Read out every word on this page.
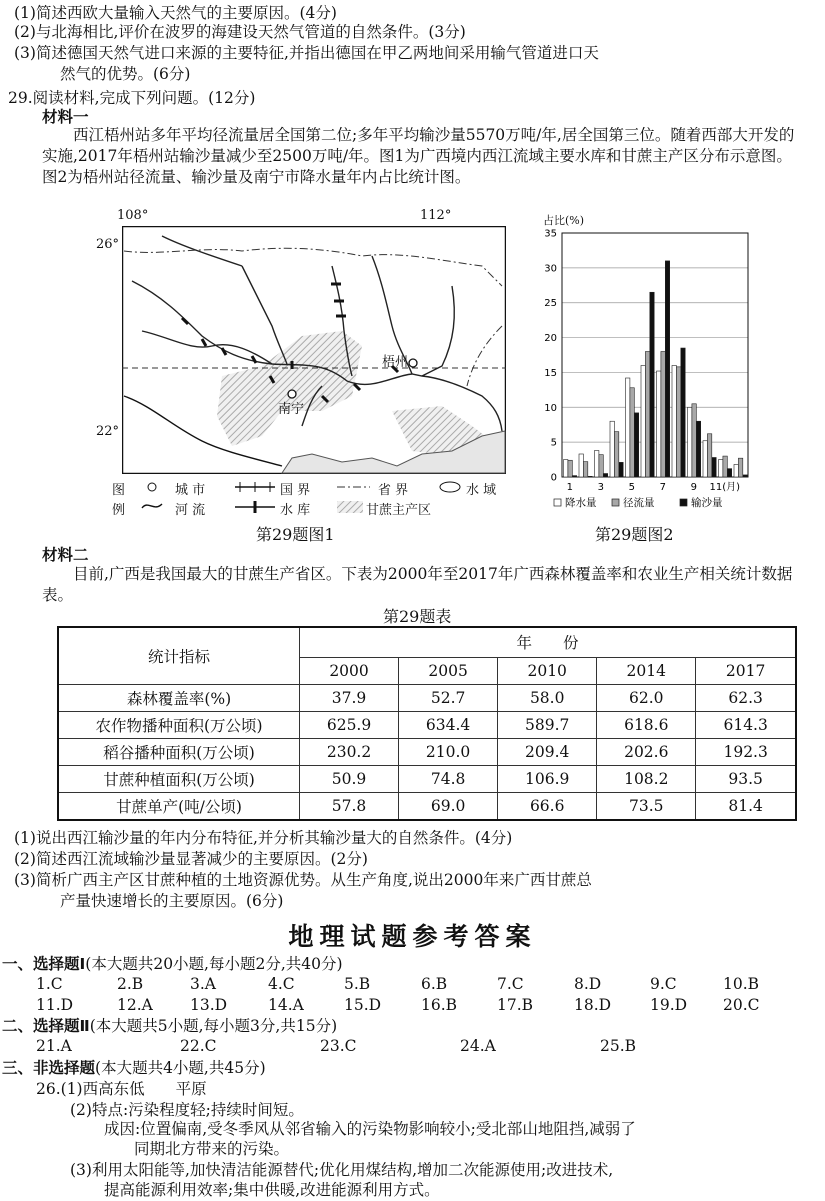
(1)简述西欧大量输入天然气的主要原因。(4分)
(2)与北海相比,评价在波罗的海建设天然气管道的自然条件。(3分)
(3)简述德国天然气进口来源的主要特征,并指出德国在甲乙两地间采用输气管道进口天
然气的优势。(6分)
29.阅读材料,完成下列问题。(12分)
材料一
西江梧州站多年平均径流量居全国第二位;多年平均输沙量5570万吨/年,居全国第三位。随着西部大开发的实施,2017年梧州站输沙量减少至2500万吨/年。图1为广西境内西江流域主要水库和甘蔗主产区分布示意图。图2为梧州站径流量、输沙量及南宁市降水量年内占比统计图。
108°	112°
26°
22°
梧州
南宁
图
例
城 市	国 界	省 界	水 域
河 流	水 库	甘蔗主产区
第29题图1
占比(%)
0
5
10
15
20
25
30
35
1 3 5 7 9 11(月)
降水量	径流量	输沙量
第29题图2
材料二
目前,广西是我国最大的甘蔗生产省区。下表为2000年至2017年广西森林覆盖率和农业生产相关统计数据表。
第29题表
统计指标	年　　份				
	2000	2005	2010	2014	2017
森林覆盖率(%)	37.9	52.7	58.0	62.0	62.3
农作物播种面积(万公顷)	625.9	634.4	589.7	618.6	614.3
稻谷播种面积(万公顷)	230.2	210.0	209.4	202.6	192.3
甘蔗种植面积(万公顷)	50.9	74.8	106.9	108.2	93.5
甘蔗单产(吨/公顷)	57.8	69.0	66.6	73.5	81.4
(1)说出西江输沙量的年内分布特征,并分析其输沙量大的自然条件。(4分)
(2)简述西江流域输沙量显著减少的主要原因。(2分)
(3)简析广西主产区甘蔗种植的土地资源优势。从生产角度,说出2000年来广西甘蔗总
产量快速增长的主要原因。(6分)
地理试题参考答案
一、选择题Ⅰ(本大题共20小题,每小题2分,共40分)
1.C	2.B	3.A	4.C	5.B	6.B	7.C	8.D	9.C	10.B
11.D	12.A 13.D	14.A	15.D	16.B	17.B	18.D	19.D 20.C
二、选择题Ⅱ(本大题共5小题,每小题3分,共15分)
21.A	22.C	23.C	24.A	25.B
三、非选择题(本大题共4小题,共45分)
26.(1)西高东低　　平原
(2)特点:污染程度轻;持续时间短。
成因:位置偏南,受冬季风从邻省输入的污染物影响较小;受北部山地阻挡,减弱了
同期北方带来的污染。
(3)利用太阳能等,加快清洁能源替代;优化用煤结构,增加二次能源使用;改进技术,
提高能源利用效率;集中供暖,改进能源利用方式。
